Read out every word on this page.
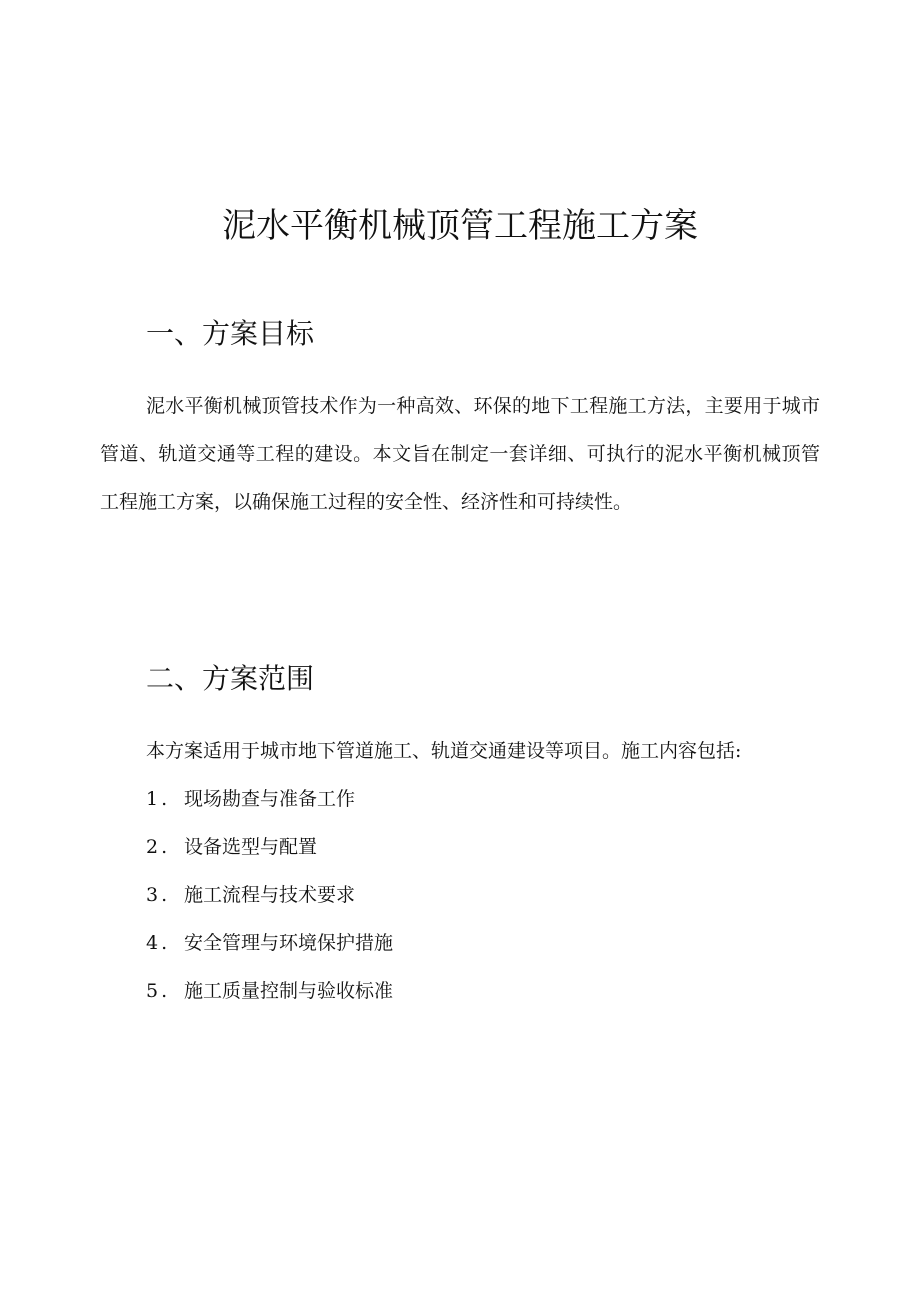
泥水平衡机械顶管工程施工方案
一、方案目标

泥水平衡机械顶管技术作为一种高效、环保的地下工程施工方法，主要用于城市管道、轨道交通等工程的建设。本文旨在制定一套详细、可执行的泥水平衡机械顶管工程施工方案，以确保施工过程的安全性、经济性和可持续性。

二、方案范围
本方案适用于城市地下管道施工、轨道交通建设等项目。施工内容包括:
1. 现场勘查与准备工作
2. 设备选型与配置
3. 施工流程与技术要求
4. 安全管理与环境保护措施
5. 施工质量控制与验收标准
